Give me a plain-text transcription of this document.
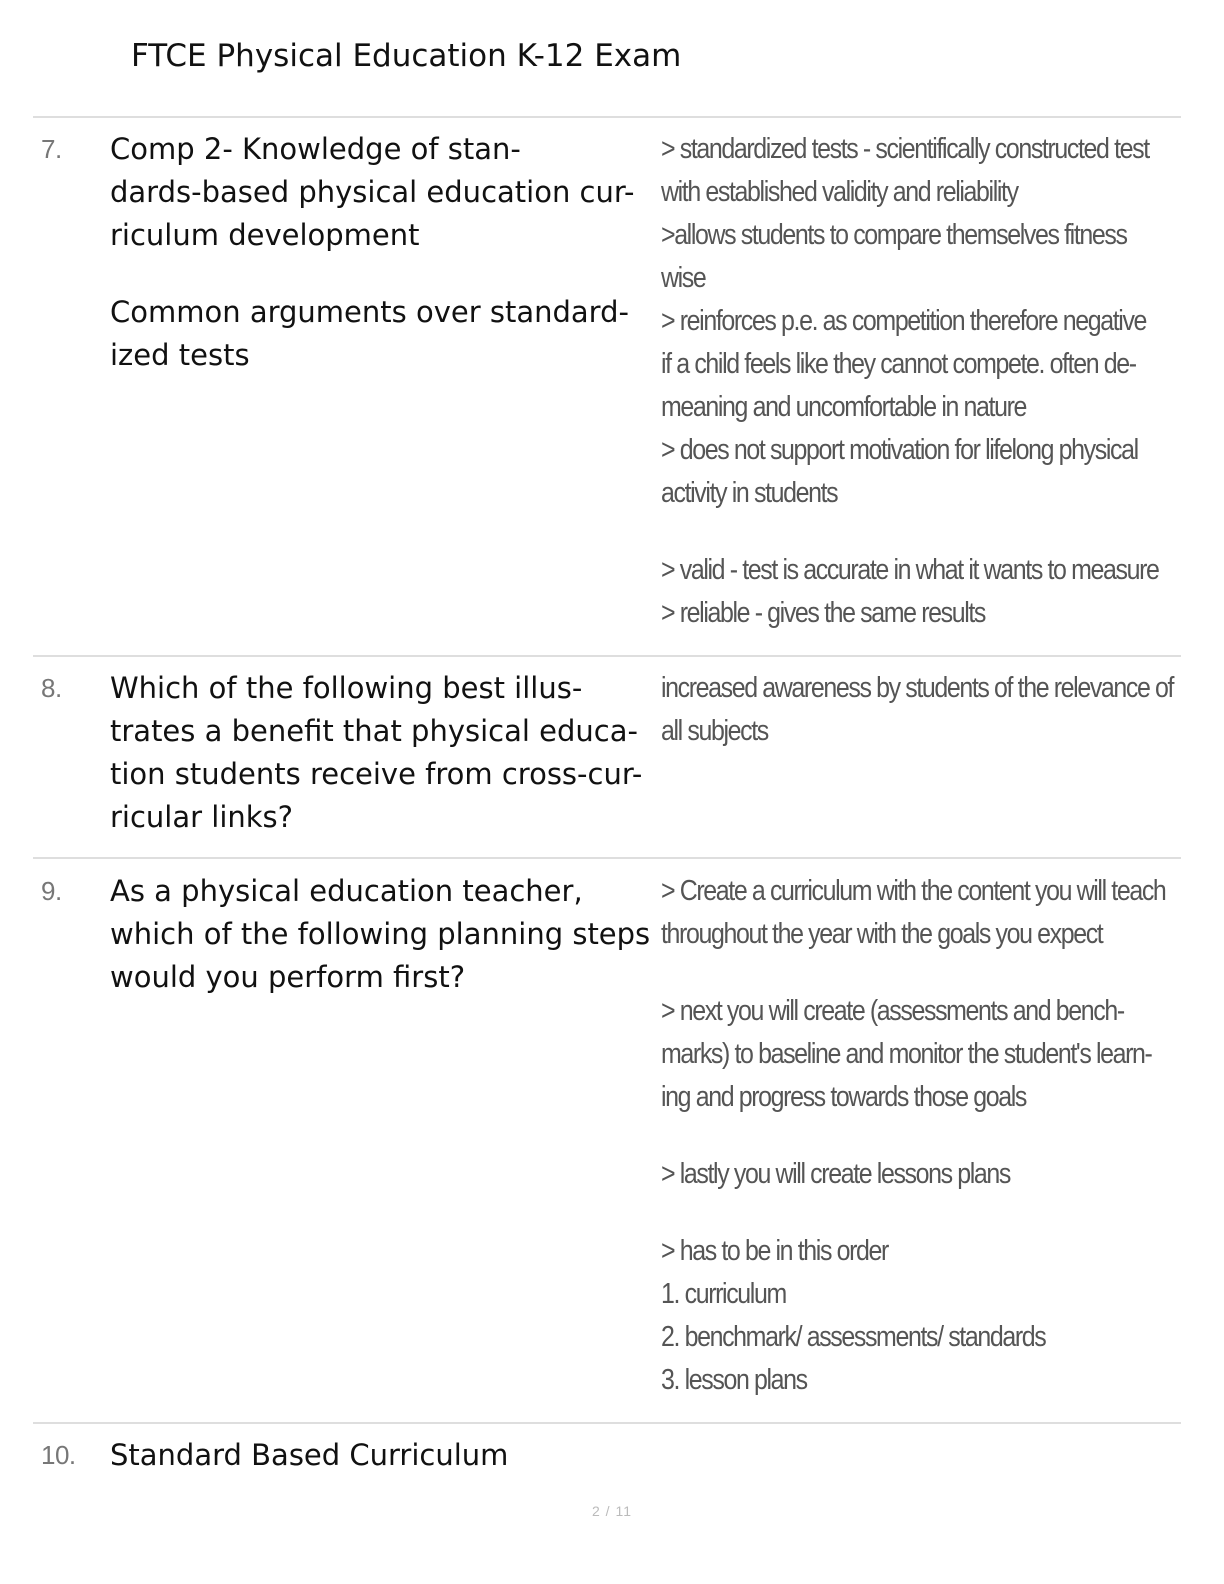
FTCE Physical Education K-12 Exam
7. Comp 2- Knowledge of stan-
dards-based physical education cur-
riculum development
Common arguments over standard-
ized tests
> standardized tests - scientifically constructed test
with established validity and reliability
>allows students to compare themselves fitness
wise
> reinforces p.e. as competition therefore negative
if a child feels like they cannot compete. often de-
meaning and uncomfortable in nature
> does not support motivation for lifelong physical
activity in students
> valid - test is accurate in what it wants to measure
> reliable - gives the same results
8. Which of the following best illus-
trates a benefit that physical educa-
tion students receive from cross-cur-
ricular links?
increased awareness by students of the relevance of
all subjects
9. As a physical education teacher,
which of the following planning steps
would you perform first?
> Create a curriculum with the content you will teach
throughout the year with the goals you expect
> next you will create (assessments and bench-
marks) to baseline and monitor the student's learn-
ing and progress towards those goals
> lastly you will create lessons plans
> has to be in this order
1. curriculum
2. benchmark/ assessments/ standards
3. lesson plans
10. Standard Based Curriculum
2 / 11
